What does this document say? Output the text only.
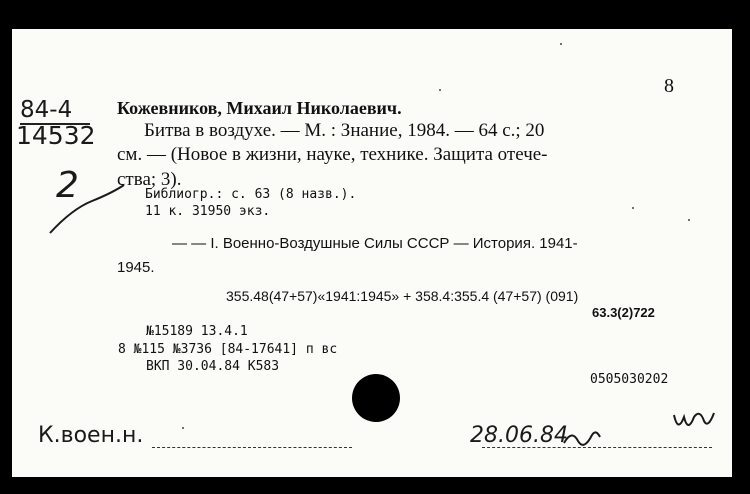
8
84-4
14532
Кожевников, Михаил Николаевич.
Битва в воздухе. — М. : Знание, 1984. — 64 с.; 20
см. — (Новое в жизни, науке, технике. Защита отече-
ства; 3).
2	Библиогр.: с. 63 (8 назв.).
11 к. 31950 экз.
— — I. Военно-Воздушные Силы СССР — История. 1941-
1945.
355.48(47+57)«1941:1945» + 358.4:355.4 (47+57) (091)
63.3(2)722
№15189 13.4.1
8 №115 №3736 [84-17641] п вс
ВКП 30.04.84 К583
0505030202
К.воен.н.	28.06.84
